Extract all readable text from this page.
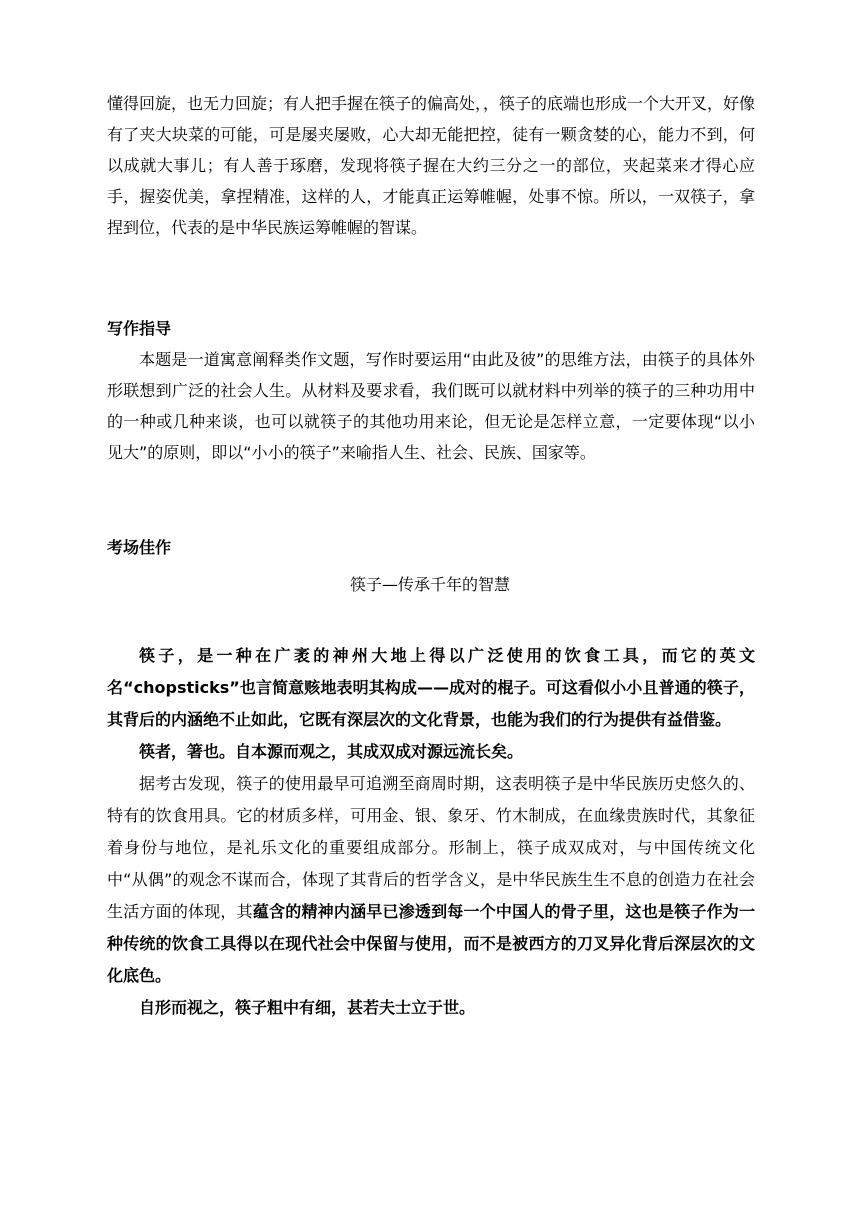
懂得回旋，也无力回旋；有人把手握在筷子的偏高处，，筷子的底端也形成一个大开叉，好像有了夹大块菜的可能，可是屡夹屡败，心大却无能把控，徒有一颗贪婪的心，能力不到，何以成就大事儿；有人善于琢磨，发现将筷子握在大约三分之一的部位，夹起菜来才得心应手，握姿优美，拿捏精准，这样的人，才能真正运筹帷幄，处事不惊。所以，一双筷子，拿捏到位，代表的是中华民族运筹帷幄的智谋。

写作指导

本题是一道寓意阐释类作文题，写作时要运用“由此及彼”的思维方法，由筷子的具体外形联想到广泛的社会人生。从材料及要求看，我们既可以就材料中列举的筷子的三种功用中的一种或几种来谈，也可以就筷子的其他功用来论，但无论是怎样立意，一定要体现“以小见大”的原则，即以“小小的筷子”来喻指人生、社会、民族、国家等。

考场佳作
筷子—传承千年的智慧

筷子，是一种在广袤的神州大地上得以广泛使用的饮食工具，而它的英文名“chopsticks”也言简意赅地表明其构成——成对的棍子。可这看似小小且普通的筷子，其背后的内涵绝不止如此，它既有深层次的文化背景，也能为我们的行为提供有益借鉴。

筷者，箸也。自本源而观之，其成双成对源远流长矣。

据考古发现，筷子的使用最早可追溯至商周时期，这表明筷子是中华民族历史悠久的、特有的饮食用具。它的材质多样，可用金、银、象牙、竹木制成，在血缘贵族时代，其象征着身份与地位，是礼乐文化的重要组成部分。形制上，筷子成双成对，与中国传统文化中“从偶”的观念不谋而合，体现了其背后的哲学含义，是中华民族生生不息的创造力在社会生活方面的体现，其蕴含的精神内涵早已渗透到每一个中国人的骨子里，这也是筷子作为一种传统的饮食工具得以在现代社会中保留与使用，而不是被西方的刀叉异化背后深层次的文化底色。

自形而视之，筷子粗中有细，甚若夫士立于世。
